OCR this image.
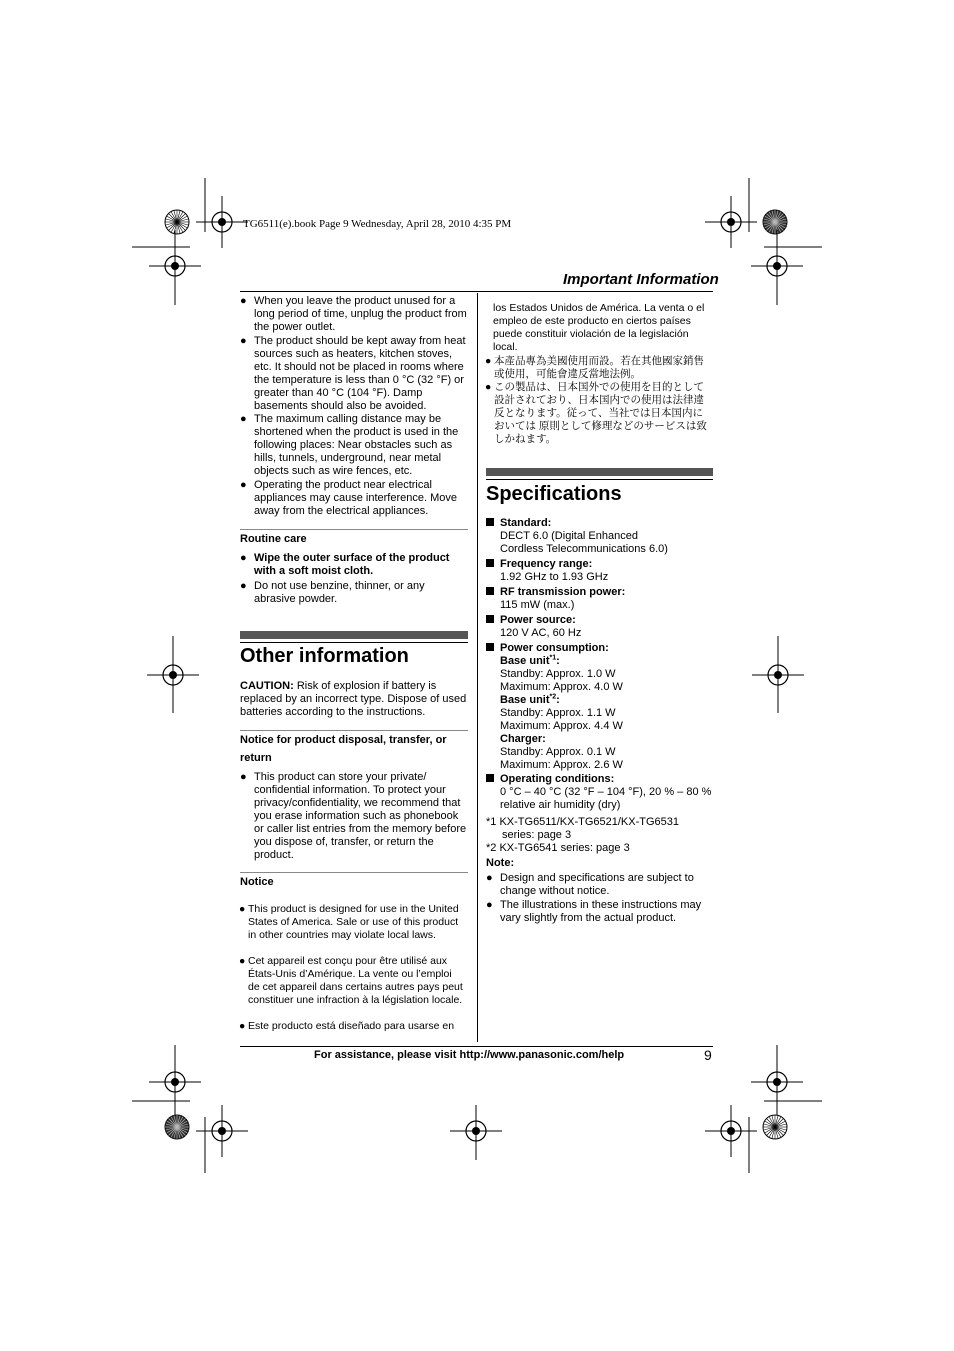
TG6511(e).book Page 9 Wednesday, April 28, 2010 4:35 PM
Important Information
● When you leave the product unused for a long period of time, unplug the product from the power outlet.
● The product should be kept away from heat sources such as heaters, kitchen stoves, etc. It should not be placed in rooms where the temperature is less than 0 °C (32 °F) or greater than 40 °C (104 °F). Damp basements should also be avoided.
● The maximum calling distance may be shortened when the product is used in the following places: Near obstacles such as hills, tunnels, underground, near metal objects such as wire fences, etc.
● Operating the product near electrical appliances may cause interference. Move away from the electrical appliances.
Routine care
● Wipe the outer surface of the product with a soft moist cloth.
● Do not use benzine, thinner, or any abrasive powder.
Other information
CAUTION: Risk of explosion if battery is replaced by an incorrect type. Dispose of used batteries according to the instructions.
Notice for product disposal, transfer, or
return
● This product can store your private/ confidential information. To protect your privacy/confidentiality, we recommend that you erase information such as phonebook or caller list entries from the memory before you dispose of, transfer, or return the product.
Notice
● This product is designed for use in the United States of America. Sale or use of this product in other countries may violate local laws.
● Cet appareil est conçu pour être utilisé aux États-Unis d’Amérique. La vente ou l’emploi de cet appareil dans certains autres pays peut constituer une infraction à la législation locale.
● Este producto está diseñado para usarse en
los Estados Unidos de América. La venta o el empleo de este producto en ciertos países puede constituir violación de la legislación local.
● 本產品專為美國使用而設。若在其他國家銷售或使用，可能會違反當地法例。
● この製品は、日本国外での使用を目的として設計されており、日本国内での使用は法律違反となります。従って、当社では日本国内においては 原則として修理などのサービスは致しかねます。
Specifications
Standard:
DECT 6.0 (Digital Enhanced
Cordless Telecommunications 6.0)
Frequency range:
1.92 GHz to 1.93 GHz
RF transmission power:
115 mW (max.)
Power source:
120 V AC, 60 Hz
Power consumption:
Base unit$^{*1}$:
Standby: Approx. 1.0 W
Maximum: Approx. 4.0 W
Base unit$^{*2}$:
Standby: Approx. 1.1 W
Maximum: Approx. 4.4 W
Charger:
Standby: Approx. 0.1 W
Maximum: Approx. 2.6 W
Operating conditions:
0 °C – 40 °C (32 °F – 104 °F), 20 % – 80 %
relative air humidity (dry)
*1 KX-TG6511/KX-TG6521/KX-TG6531
series: page 3
*2 KX-TG6541 series: page 3
Note:
● Design and specifications are subject to change without notice.
● The illustrations in these instructions may vary slightly from the actual product.
For assistance, please visit http://www.panasonic.com/help	9
